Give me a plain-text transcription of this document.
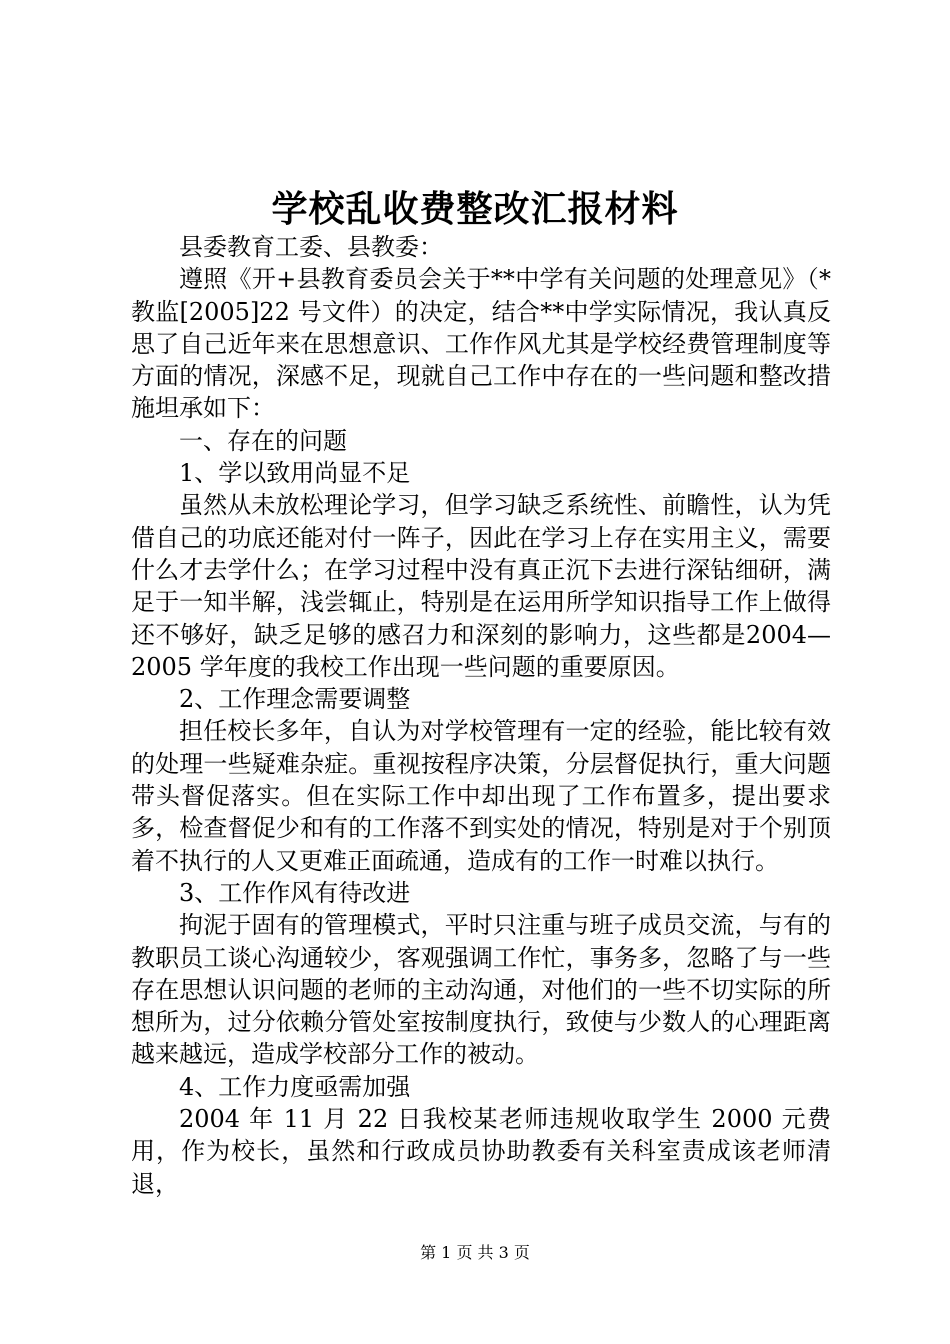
学校乱收费整改汇报材料

县委教育工委、县教委：

遵照《开+县教育委员会关于**中学有关问题的处理意见》（*教监[2005]22 号文件）的决定，结合**中学实际情况，我认真反思了自己近年来在思想意识、工作作风尤其是学校经费管理制度等方面的情况，深感不足，现就自己工作中存在的一些问题和整改措施坦承如下：

一、存在的问题

1、学以致用尚显不足

虽然从未放松理论学习，但学习缺乏系统性、前瞻性，认为凭借自己的功底还能对付一阵子，因此在学习上存在实用主义，需要什么才去学什么；在学习过程中没有真正沉下去进行深钻细研，满足于一知半解，浅尝辄止，特别是在运用所学知识指导工作上做得还不够好，缺乏足够的感召力和深刻的影响力，这些都是2004—2005 学年度的我校工作出现一些问题的重要原因。

2、工作理念需要调整

担任校长多年，自认为对学校管理有一定的经验，能比较有效的处理一些疑难杂症。重视按程序决策，分层督促执行，重大问题带头督促落实。但在实际工作中却出现了工作布置多，提出要求多，检查督促少和有的工作落不到实处的情况，特别是对于个别顶着不执行的人又更难正面疏通，造成有的工作一时难以执行。

3、工作作风有待改进

拘泥于固有的管理模式，平时只注重与班子成员交流，与有的教职员工谈心沟通较少，客观强调工作忙，事务多，忽略了与一些存在思想认识问题的老师的主动沟通，对他们的一些不切实际的所想所为，过分依赖分管处室按制度执行，致使与少数人的心理距离越来越远，造成学校部分工作的被动。

4、工作力度亟需加强

2004 年 11 月 22 日我校某老师违规收取学生 2000 元费用，作为校长，虽然和行政成员协助教委有关科室责成该老师清退，

第 1 页 共 3 页
